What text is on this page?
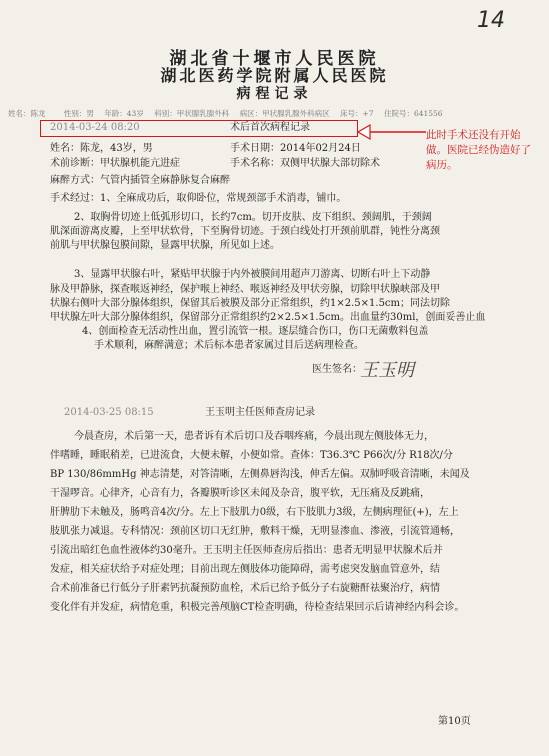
14
湖北省十堰市人民医院
湖北医药学院附属人民医院
病程记录
姓名：陈龙 性别：男 年龄：43岁 科别：甲状腺乳腺外科 病区：甲状腺乳腺外科病区 床号：+7 住院号：641556
2014-03-24 08:20	术后首次病程记录
此时手术还没有开始做。医院已经伪造好了病历。
姓名：陈龙，43岁，男	手术日期：2014年02月24日
术前诊断：甲状腺机能亢进症	手术名称：双侧甲状腺大部切除术
麻醉方式：气管内插管全麻静脉复合麻醉
手术经过：1、全麻成功后，取仰卧位，常规颈部手术消毒，铺巾。
2、取胸骨切迹上低弧形切口，长约7cm。切开皮肤、皮下组织、颈阔肌，于颈阔
肌深面游离皮瓣，上至甲状软骨，下至胸骨切迹。于颈白线处打开颈前肌群，钝性分离颈
前肌与甲状腺包膜间隙，显露甲状腺，所见如上述。
3、显露甲状腺右叶，紧贴甲状腺于内外被膜间用超声刀游离、切断右叶上下动静
脉及甲静脉，探查喉返神经，保护喉上神经、喉返神经及甲状旁腺，切除甲状腺峡部及甲
状腺右侧叶大部分腺体组织，保留其后被膜及部分正常组织，约1×2.5×1.5cm；同法切除
甲状腺左叶大部分腺体组织，保留部分正常组织约2×2.5×1.5cm。出血量约30ml，创面妥善止血
4、创面检查无活动性出血，置引流管一根。逐层缝合伤口，伤口无菌敷料包盖
手术顺利，麻醉满意；术后标本患者家属过目后送病理检查。
医生签名：
王玉明
2014-03-25 08:15	王玉明主任医师查房记录
今晨查房，术后第一天，患者诉有术后切口及吞咽疼痛，今晨出现左侧肢体无力，
伴嗜睡，睡眠稍差，已进流食，大便未解，小便如常。查体：T36.3℃ P66次/分 R18次/分
BP 130/86mmHg 神志清楚，对答清晰，左侧鼻唇沟浅，伸舌左偏。双肺呼吸音清晰，未闻及
干湿啰音。心律齐，心音有力，各瓣膜听诊区未闻及杂音，腹平软，无压痛及反跳痛，
肝脾肋下未触及，肠鸣音4次/分。左上下肢肌力0级，右下肢肌力3级，左侧病理征(+)，左上
肢肌张力减退。专科情况：颈前区切口无红肿，敷料干燥，无明显渗血、渗液，引流管通畅，
引流出暗红色血性液体约30毫升。王玉明主任医师查房后指出：患者无明显甲状腺术后并
发症，相关症状给予对症处理；目前出现左侧肢体功能障碍，需考虑突发脑血管意外，结
合术前准备已行低分子肝素钙抗凝预防血栓，术后已给予低分子右旋糖酐祛聚治疗，病情
变化伴有并发症，病情危重，积极完善颅脑CT检查明确，待检查结果回示后请神经内科会诊。
第10页
